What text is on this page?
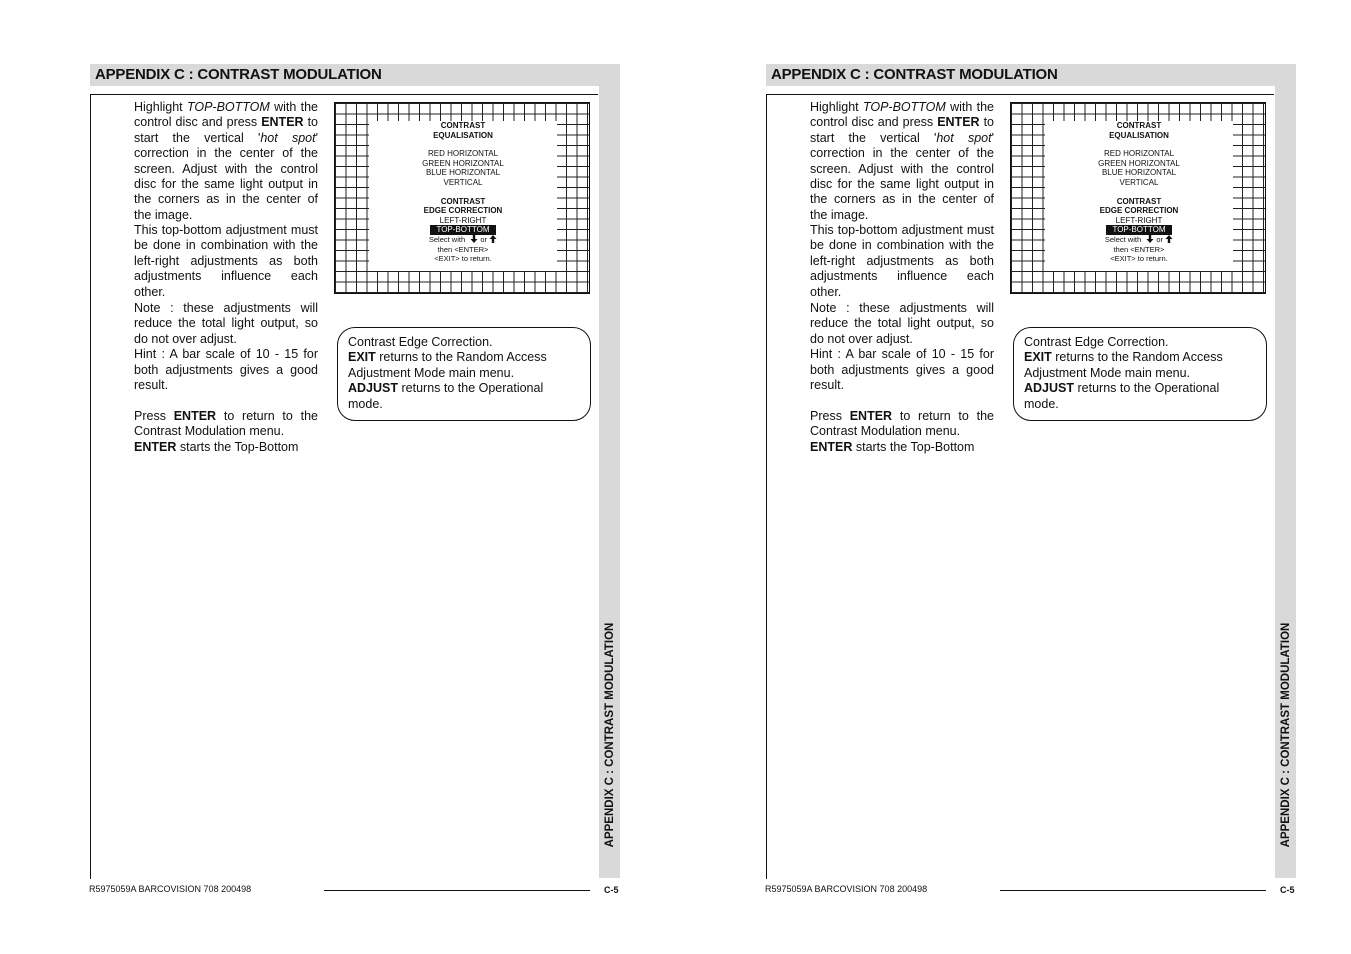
APPENDIX C : CONTRAST MODULATION

Highlight TOP-BOTTOM with the control disc and press ENTER to start the vertical 'hot spot' correction in the center of the screen. Adjust with the control disc for the same light output in the corners as in the center of the image.

This top-bottom adjustment must be done in combination with the left-right adjustments as both adjustments influence each other.

Note : these adjustments will reduce the total light output, so do not over adjust.

Hint : A bar scale of 10 - 15 for both adjustments gives a good result.

Press ENTER to return to the Contrast Modulation menu.

ENTER starts the Top-Bottom

CONTRAST
EQUALISATION
RED HORIZONTAL
GREEN HORIZONTAL
BLUE HORIZONTAL
VERTICAL
CONTRAST
EDGE CORRECTION
LEFT-RIGHT
TOP-BOTTOM
Select with or
then <ENTER>
<EXIT> to return.

Contrast Edge Correction.

EXIT returns to the Random Access Adjustment Mode main menu.

ADJUST returns to the Operational mode.

APPENDIX C : CONTRAST MODULATION
R5975059A BARCOVISION 708 200498	C-5
APPENDIX C : CONTRAST MODULATION

Highlight TOP-BOTTOM with the control disc and press ENTER to start the vertical 'hot spot' correction in the center of the screen. Adjust with the control disc for the same light output in the corners as in the center of the image.

This top-bottom adjustment must be done in combination with the left-right adjustments as both adjustments influence each other.

Note : these adjustments will reduce the total light output, so do not over adjust.

Hint : A bar scale of 10 - 15 for both adjustments gives a good result.

Press ENTER to return to the Contrast Modulation menu.

ENTER starts the Top-Bottom

CONTRAST
EQUALISATION
RED HORIZONTAL
GREEN HORIZONTAL
BLUE HORIZONTAL
VERTICAL
CONTRAST
EDGE CORRECTION
LEFT-RIGHT
TOP-BOTTOM
Select with or
then <ENTER>
<EXIT> to return.

Contrast Edge Correction.

EXIT returns to the Random Access Adjustment Mode main menu.

ADJUST returns to the Operational mode.

APPENDIX C : CONTRAST MODULATION
R5975059A BARCOVISION 708 200498	C-5
